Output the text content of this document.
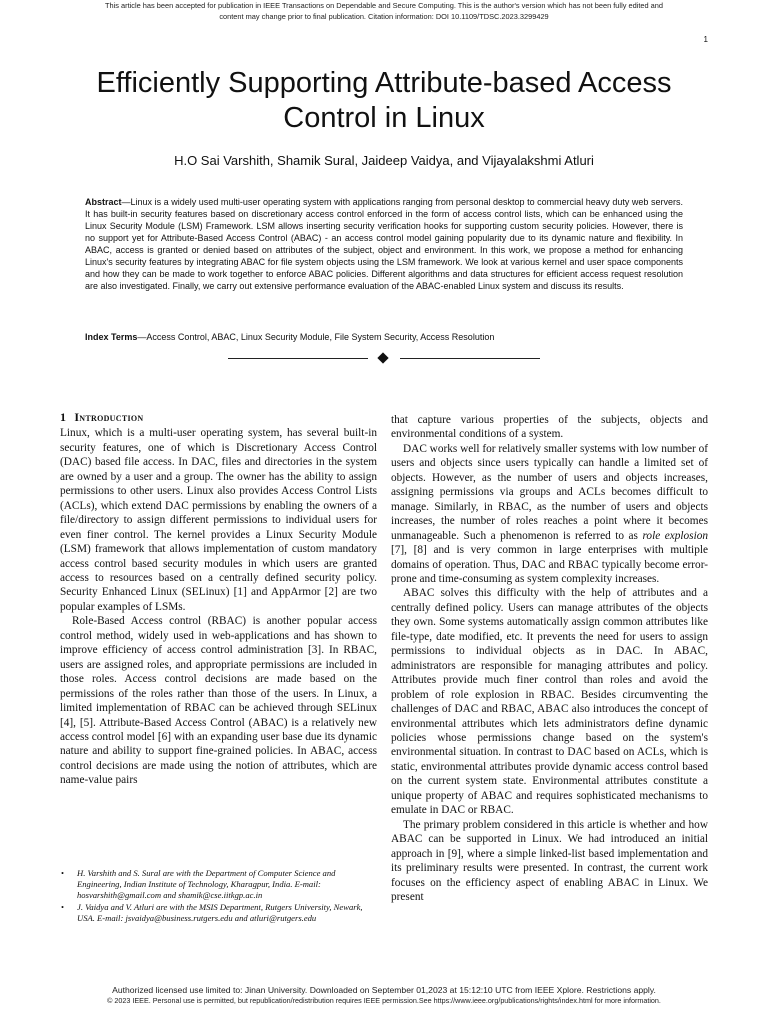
This article has been accepted for publication in IEEE Transactions on Dependable and Secure Computing. This is the author's version which has not been fully edited and
content may change prior to final publication. Citation information: DOI 10.1109/TDSC.2023.3299429
1
Efficiently Supporting Attribute-based Access Control in Linux
H.O Sai Varshith, Shamik Sural, Jaideep Vaidya, and Vijayalakshmi Atluri

Abstract—Linux is a widely used multi-user operating system with applications ranging from personal desktop to commercial heavy duty web servers. It has built-in security features based on discretionary access control enforced in the form of access control lists, which can be enhanced using the Linux Security Module (LSM) Framework. LSM allows inserting security verification hooks for supporting custom security policies. However, there is no support yet for Attribute-Based Access Control (ABAC) - an access control model gaining popularity due to its dynamic nature and flexibility. In ABAC, access is granted or denied based on attributes of the subject, object and environment. In this work, we propose a method for enhancing Linux's security features by integrating ABAC for file system objects using the LSM framework. We look at various kernel and user space components and how they can be made to work together to enforce ABAC policies. Different algorithms and data structures for efficient access request resolution are also investigated. Finally, we carry out extensive performance evaluation of the ABAC-enabled Linux system and discuss its results.

Index Terms—Access Control, ABAC, Linux Security Module, File System Security, Access Resolution

1 Introduction

Linux, which is a multi-user operating system, has several built-in security features, one of which is Discretionary Access Control (DAC) based file access. In DAC, files and directories in the system are owned by a user and a group. The owner has the ability to assign permissions to other users. Linux also provides Access Control Lists (ACLs), which extend DAC permissions by enabling the owners of a file/directory to assign different permissions to individual users for even finer control. The kernel provides a Linux Security Module (LSM) framework that allows implementation of custom mandatory access control based security modules in which users are granted access to resources based on a centrally defined security policy. Security Enhanced Linux (SELinux) [1] and AppArmor [2] are two popular examples of LSMs.

Role-Based Access control (RBAC) is another popular access control method, widely used in web-applications and has shown to improve efficiency of access control administration [3]. In RBAC, users are assigned roles, and appropriate permissions are included in those roles. Access control decisions are made based on the permissions of the roles rather than those of the users. In Linux, a limited implementation of RBAC can be achieved through SELinux [4], [5]. Attribute-Based Access Control (ABAC) is a relatively new access control model [6] with an expanding user base due its dynamic nature and ability to support fine-grained policies. In ABAC, access control decisions are made using the notion of attributes, which are name-value pairs

that capture various properties of the subjects, objects and environmental conditions of a system.

DAC works well for relatively smaller systems with low number of users and objects since users typically can handle a limited set of objects. However, as the number of users and objects increases, assigning permissions via groups and ACLs becomes difficult to manage. Similarly, in RBAC, as the number of users and objects increases, the number of roles reaches a point where it becomes unmanageable. Such a phenomenon is referred to as role explosion [7], [8] and is very common in large enterprises with multiple domains of operation. Thus, DAC and RBAC typically become error-prone and time-consuming as system complexity increases.

ABAC solves this difficulty with the help of attributes and a centrally defined policy. Users can manage attributes of the objects they own. Some systems automatically assign common attributes like file-type, date modified, etc. It prevents the need for users to assign permissions to individual objects as in DAC. In ABAC, administrators are responsible for managing attributes and policy. Attributes provide much finer control than roles and avoid the problem of role explosion in RBAC. Besides circumventing the challenges of DAC and RBAC, ABAC also introduces the concept of environmental attributes which lets administrators define dynamic policies whose permissions change based on the system's environmental situation. In contrast to DAC based on ACLs, which is static, environmental attributes provide dynamic access control based on the current system state. Environmental attributes constitute a unique property of ABAC and requires sophisticated mechanisms to emulate in DAC or RBAC.

The primary problem considered in this article is whether and how ABAC can be supported in Linux. We had introduced an initial approach in [9], where a simple linked-list based implementation and its preliminary results were presented. In contrast, the current work focuses on the efficiency aspect of enabling ABAC in Linux. We present

• H. Varshith and S. Sural are with the Department of Computer Science and Engineering, Indian Institute of Technology, Kharagpur, India. E-mail: hosvarshith@gmail.com and shamik@cse.iitkgp.ac.in
• J. Vaidya and V. Atluri are with the MSIS Department, Rutgers University, Newark, USA. E-mail: jsvaidya@business.rutgers.edu and atluri@rutgers.edu
Authorized licensed use limited to: Jinan University. Downloaded on September 01,2023 at 15:12:10 UTC from IEEE Xplore. Restrictions apply.
© 2023 IEEE. Personal use is permitted, but republication/redistribution requires IEEE permission.See https://www.ieee.org/publications/rights/index.html for more information.
